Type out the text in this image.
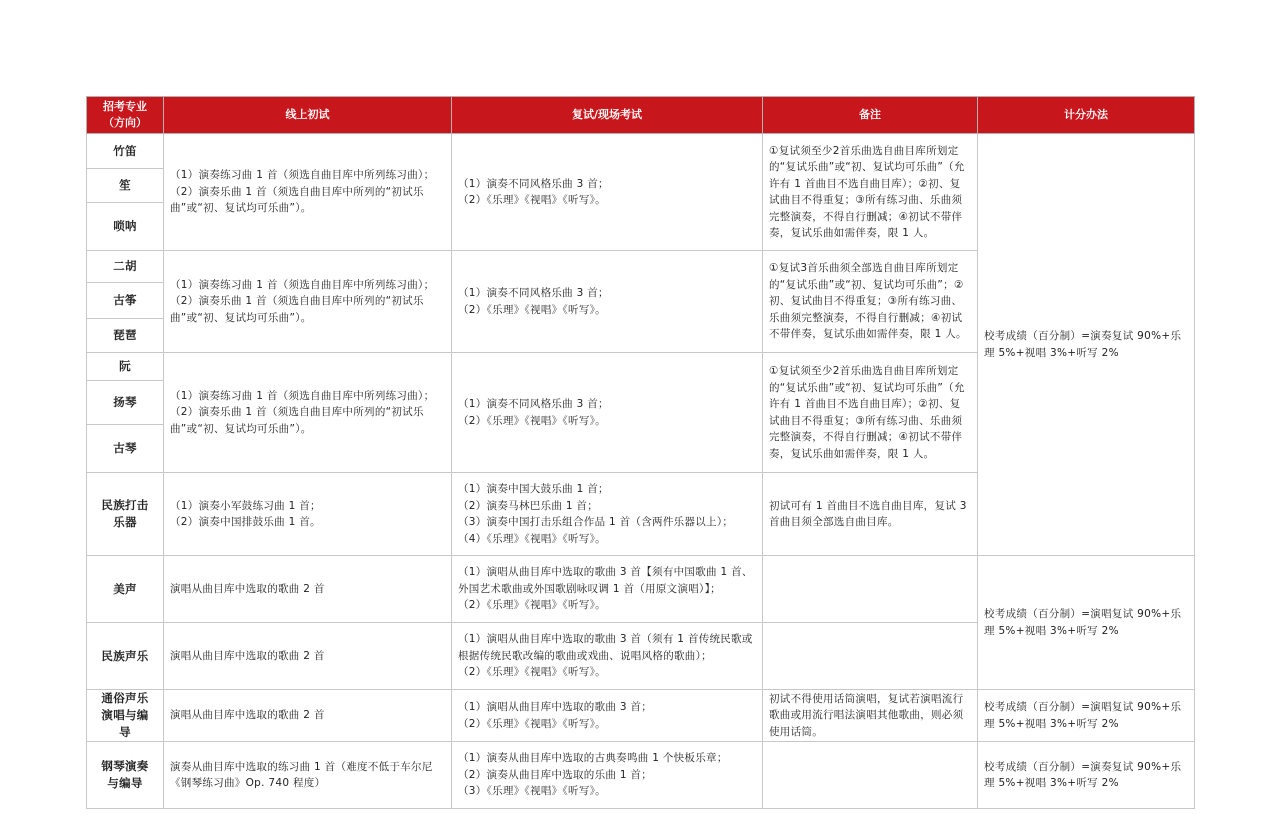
招考专业
（方向）	线上初试	复试/现场考试	备注	计分办法
竹笛	（1）演奏练习曲 1 首（须选自曲目库中所列练习曲）；
（2）演奏乐曲 1 首（须选自曲目库中所列的“初试乐曲”或“初、复试均可乐曲”）。	（1）演奏不同风格乐曲 3 首；
（2）《乐理》《视唱》《听写》。	①复试须至少2首乐曲选自曲目库所划定的“复试乐曲”或“初、复试均可乐曲”（允许有 1 首曲目不选自曲目库）；②初、复试曲目不得重复；③所有练习曲、乐曲须完整演奏，不得自行删减；④初试不带伴奏，复试乐曲如需伴奏，限 1 人。	校考成绩（百分制）=演奏复试 90%+乐理 5%+视唱 3%+听写 2%
笙				
唢呐				
二胡	（1）演奏练习曲 1 首（须选自曲目库中所列练习曲）；
（2）演奏乐曲 1 首（须选自曲目库中所列的“初试乐曲”或“初、复试均可乐曲”）。	（1）演奏不同风格乐曲 3 首；
（2）《乐理》《视唱》《听写》。	①复试3首乐曲须全部选自曲目库所划定的“复试乐曲”或“初、复试均可乐曲”；②初、复试曲目不得重复；③所有练习曲、乐曲须完整演奏，不得自行删减；④初试不带伴奏，复试乐曲如需伴奏，限 1 人。	
古筝				
琵琶				
阮	（1）演奏练习曲 1 首（须选自曲目库中所列练习曲）；
（2）演奏乐曲 1 首（须选自曲目库中所列的“初试乐曲”或“初、复试均可乐曲”）。	（1）演奏不同风格乐曲 3 首；
（2）《乐理》《视唱》《听写》。	①复试须至少2首乐曲选自曲目库所划定的“复试乐曲”或“初、复试均可乐曲”（允许有 1 首曲目不选自曲目库）；②初、复试曲目不得重复；③所有练习曲、乐曲须完整演奏，不得自行删减；④初试不带伴奏，复试乐曲如需伴奏，限 1 人。	
扬琴				
古琴				
民族打击
乐器	（1）演奏小军鼓练习曲 1 首；
（2）演奏中国排鼓乐曲 1 首。	（1）演奏中国大鼓乐曲 1 首；
（2）演奏马林巴乐曲 1 首；
（3）演奏中国打击乐组合作品 1 首（含两件乐器以上）；
（4）《乐理》《视唱》《听写》。	初试可有 1 首曲目不选自曲目库，复试 3 首曲目须全部选自曲目库。	
美声	演唱从曲目库中选取的歌曲 2 首	（1）演唱从曲目库中选取的歌曲 3 首【须有中国歌曲 1 首、外国艺术歌曲或外国歌剧咏叹调 1 首（用原文演唱）】；
（2）《乐理》《视唱》《听写》。		校考成绩（百分制）=演唱复试 90%+乐理 5%+视唱 3%+听写 2%
民族声乐	演唱从曲目库中选取的歌曲 2 首	（1）演唱从曲目库中选取的歌曲 3 首（须有 1 首传统民歌或根据传统民歌改编的歌曲或戏曲、说唱风格的歌曲）；
（2）《乐理》《视唱》《听写》。		
通俗声乐
演唱与编
导	演唱从曲目库中选取的歌曲 2 首	（1）演唱从曲目库中选取的歌曲 3 首；
（2）《乐理》《视唱》《听写》。	初试不得使用话筒演唱，复试若演唱流行歌曲或用流行唱法演唱其他歌曲，则必须使用话筒。	校考成绩（百分制）=演唱复试 90%+乐理 5%+视唱 3%+听写 2%
钢琴演奏
与编导	演奏从曲目库中选取的练习曲 1 首（难度不低于车尔尼《钢琴练习曲》Op. 740 程度）	（1）演奏从曲目库中选取的古典奏鸣曲 1 个快板乐章；
（2）演奏从曲目库中选取的乐曲 1 首；
（3）《乐理》《视唱》《听写》。		校考成绩（百分制）=演奏复试 90%+乐理 5%+视唱 3%+听写 2%
